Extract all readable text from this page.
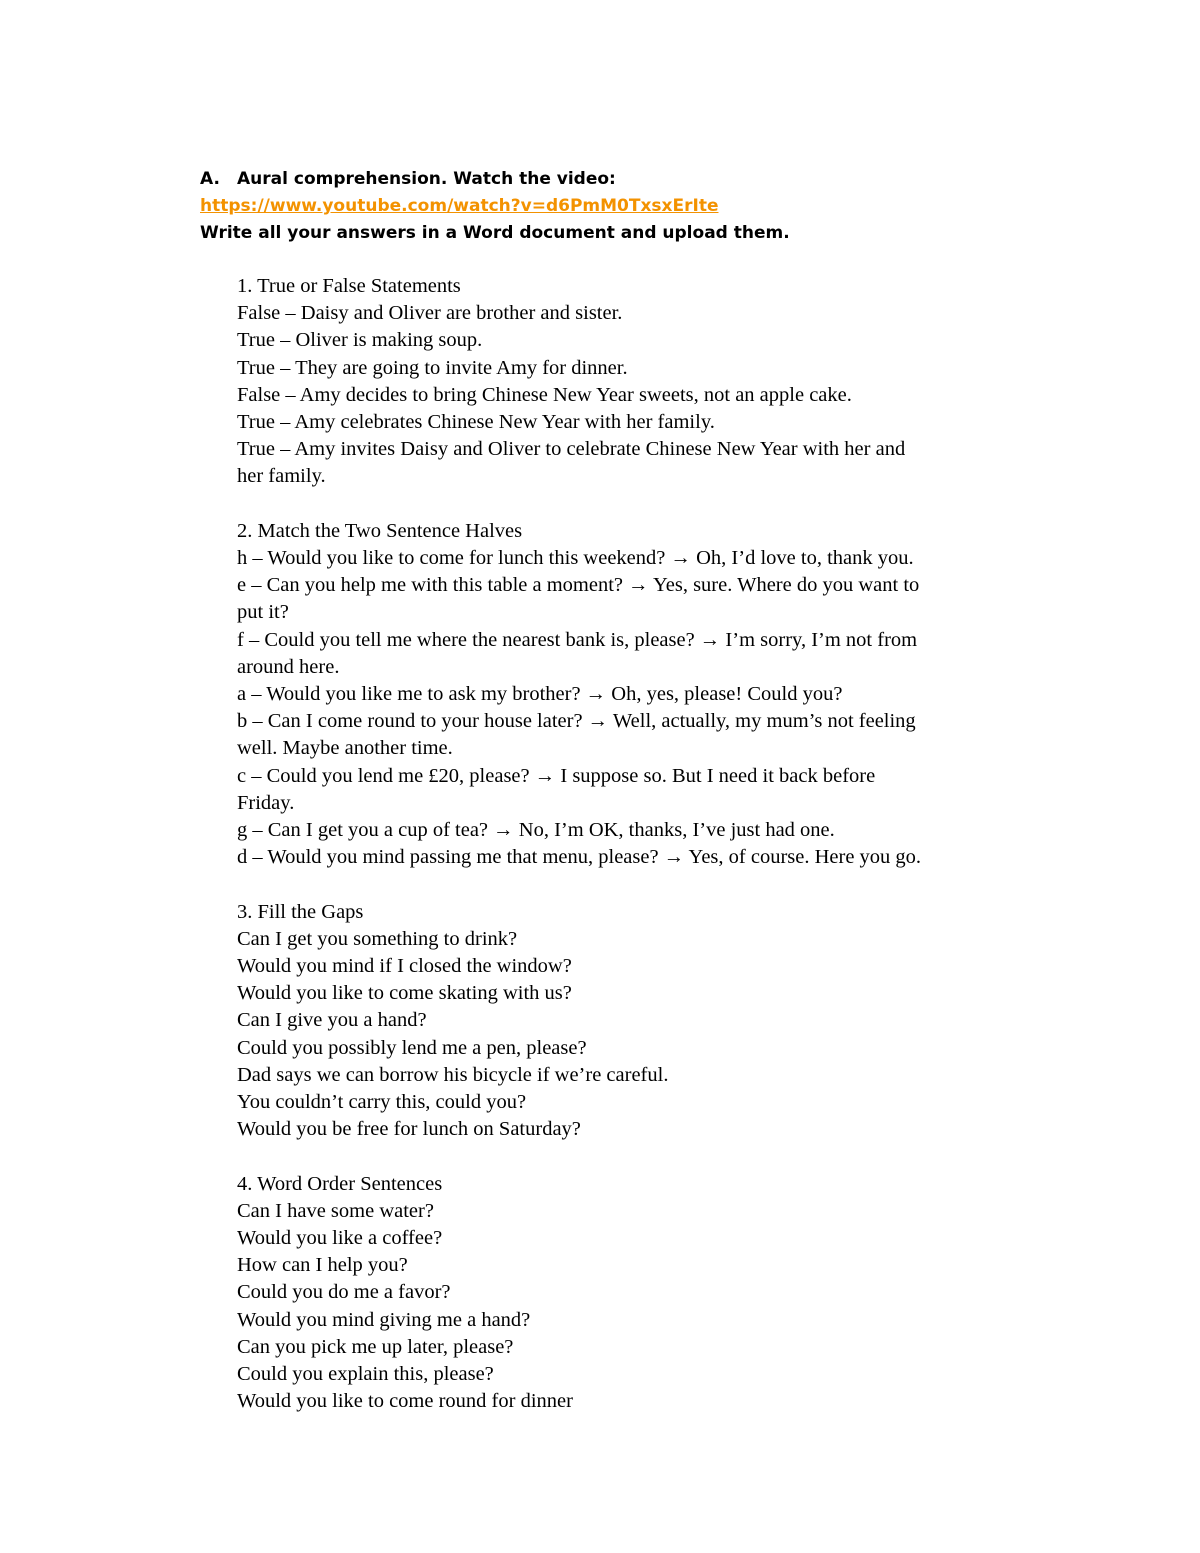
A. Aural comprehension. Watch the video:
https://www.youtube.com/watch?v=d6PmM0TxsxErIte
Write all your answers in a Word document and upload them.
1. True or False Statements
False – Daisy and Oliver are brother and sister.
True – Oliver is making soup.
True – They are going to invite Amy for dinner.
False – Amy decides to bring Chinese New Year sweets, not an apple cake.
True – Amy celebrates Chinese New Year with her family.
True – Amy invites Daisy and Oliver to celebrate Chinese New Year with her and
her family.
2. Match the Two Sentence Halves
h – Would you like to come for lunch this weekend? → Oh, I’d love to, thank you.
e – Can you help me with this table a moment? → Yes, sure. Where do you want to
put it?
f – Could you tell me where the nearest bank is, please? → I’m sorry, I’m not from
around here.
a – Would you like me to ask my brother? → Oh, yes, please! Could you?
b – Can I come round to your house later? → Well, actually, my mum’s not feeling
well. Maybe another time.
c – Could you lend me £20, please? → I suppose so. But I need it back before
Friday.
g – Can I get you a cup of tea? → No, I’m OK, thanks, I’ve just had one.
d – Would you mind passing me that menu, please? → Yes, of course. Here you go.
3. Fill the Gaps
Can I get you something to drink?
Would you mind if I closed the window?
Would you like to come skating with us?
Can I give you a hand?
Could you possibly lend me a pen, please?
Dad says we can borrow his bicycle if we’re careful.
You couldn’t carry this, could you?
Would you be free for lunch on Saturday?
4. Word Order Sentences
Can I have some water?
Would you like a coffee?
How can I help you?
Could you do me a favor?
Would you mind giving me a hand?
Can you pick me up later, please?
Could you explain this, please?
Would you like to come round for dinner
